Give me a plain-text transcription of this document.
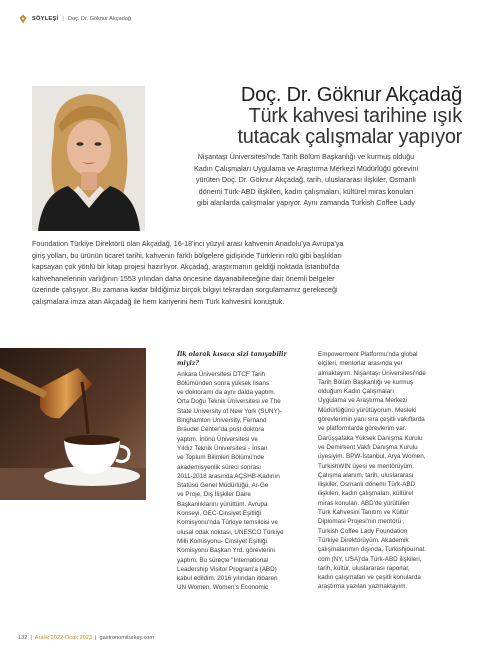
SÖYLEŞİ | Doç. Dr. Göknur Akçadağ
Doç. Dr. Göknur Akçadağ
Türk kahvesi tarihine ışık
tutacak çalışmalar yapıyor
Nişantaşı Üniversitesi'nde Tarih Bölüm Başkanlığı ve kurmuş olduğu
Kadın Çalışmaları Uygulama ve Araştırma Merkezi Müdürlüğü görevini
yürüten Doç. Dr. Göknur Akçadağ, tarih, uluslararası ilişkiler, Osmanlı
dönemi Türk-ABD ilişkileri, kadın çalışmaları, kültürel miras konuları
gibi alanlarda çalışmalar yapıyor. Aynı zamanda Turkish Coffee Lady
Foundation Türkiye Direktörü olan Akçadağ, 16-18'inci yüzyıl arası kahvenin Anadolu'ya Avrupa'ya
giriş yolları, bu ürünün ticaret tarihi, kahvenin farklı bölgelere gidişinde Türklerin rolü gibi başlıkları
kapsayan çok yönlü bir kitap projesi hazırlıyor. Akçadağ, araştırmanın geldiği noktada İstanbul'da
kahvehanelerinin varlığının 1553 yılından daha öncesine dayanabileceğine dair önemli belgeler
üzerinde çalışıyor. Bu zamana kadar bildiğimiz birçok bilgiyi tekrardan sorgulamamız gerekeceği
çalışmalara imza atan Akçadağ ile hem kariyerini hem Türk kahvesini konuştuk.
İlk olarak kısaca sizi tanıyabilir miyiz?
Ankara Üniversitesi DTCF Tarih
Bölümünden sonra yüksek lisans
ve doktoramı da aynı dalda yaptım.
Orta Doğu Teknik Üniversitesi ve The
State University of New York (SUNY)-
Binghamton University, Fernand
Braudel Center'da post doktora
yaptım. İnönü Üniversitesi ve
Yıldız Teknik Üniversitesi - İnsan
ve Toplum Bilimleri Bölümü'nde
akademisyenlik süreci sonrası
2011-2018 arasında AÇSHB-Kadının
Statüsü Genel Müdürlüğü, Ar-Ge
ve Proje, Dış İlişkiler Daire
Başkanlıklarını yürüttüm. Avrupa
Konseyi, GEC-Cinsiyet Eşitliği
Komisyonu'nda Türkiye temsilcisi ve
ulusal odak noktası, UNESCO Türkiye
Milli Komisyonu- Cinsiyet Eşitliği
Komisyonu Başkan Yrd. görevlerini
yaptım. Bu süreçte "International
Leadership Visitor Program'a (ABD)
kabul edildim. 2016 yılından itibaren
UN Women, Women's Economic
Empowerment Platformu'nda global
elçileri, mentorlar arasında yer
almaktayım. Nişantaşı Üniversitesi'nde
Tarih Bölüm Başkanlığı ve kurmuş
olduğum Kadın Çalışmaları
Uygulama ve Araştırma Merkezi
Müdürlüğünü yürütüyorum. Mesleki
görevlerimin yanı sıra çeşitli vakıflarda
ve platformlarda görevlerim var.
Darüşşafaka Yüksek Danışma Kurulu
ve Demirkent Vakfı Danışma Kurulu
üyesiyim. BPW-İstanbul, Arya Women,
TurkishWIN üyesi ve mentörüyüm.
Çalışma alanım, tarih, uluslararası
ilişkiler, Osmanlı dönemi Türk-ABD
ilişkileri, kadın çalışmaları, kültürel
miras konuları. ABD'de yürütülen
Türk Kahvesini Tanıtım ve Kültür
Diplomasi Projesi'nin mentörü ,
Turkish Coffee Lady Foundation
Türkiye Direktörüyüm. Akademik
çalışmalarımın dışında, Turkishjournal.
com (NY, USA)'da Türk-ABD ilişkileri,
tarih, kültür, uluslararası raporlar,
kadın çalışmaları ve çeşitli konularda
araştırma yazıları yazmaktayım.
132 | Aralık 2022-Ocak 2023 | gastronomiturkey.com
